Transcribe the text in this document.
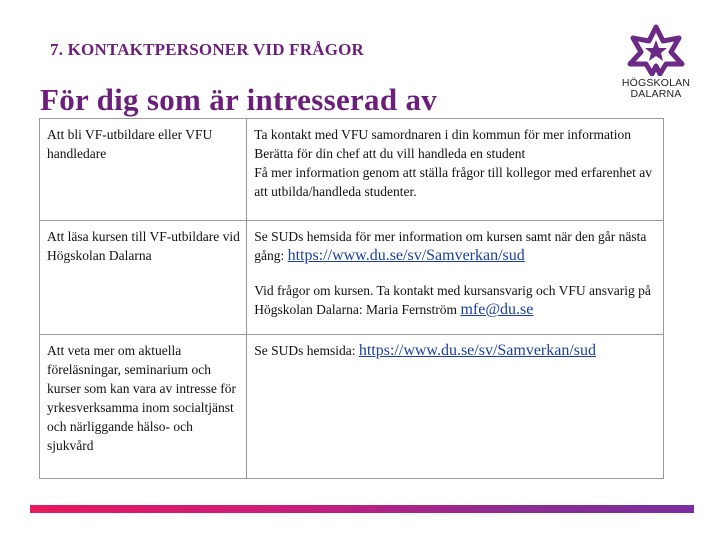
7. KONTAKTPERSONER VID FRÅGOR
För dig som är intresserad av	HÖGSKOLAN
DALARNA
Att bli VF-utbildare eller VFU handledare	Ta kontakt med VFU samordnaren i din kommun för mer information
Berätta för din chef att du vill handleda en student
Få mer information genom att ställa frågor till kollegor med erfarenhet av att utbilda/handleda studenter.

Att läsa kursen till VF-utbildare vid Högskolan Dalarna	Se SUDs hemsida för mer information om kursen samt när den går nästa gång: https://www.du.se/sv/Samverkan/sud
Vid frågor om kursen. Ta kontakt med kursansvarig och VFU ansvarig på Högskolan Dalarna: Maria Fernström mfe@du.se
Att veta mer om aktuella föreläsningar, seminarium och kurser som kan vara av intresse för yrkesverksamma inom socialtjänst och närliggande hälso- och sjukvård	Se SUDs hemsida: https://www.du.se/sv/Samverkan/sud
